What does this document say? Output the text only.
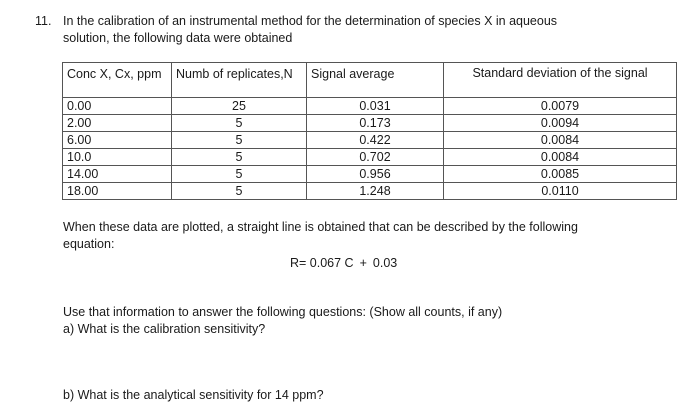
11. In the calibration of an instrumental method for the determination of species X in aqueous
solution, the following data were obtained
Conc X, Cx, ppm	Numb of replicates,N	Signal average	Standard deviation of the signal
0.00	25	0.031	0.0079
2.00	5	0.173	0.0094
6.00	5	0.422	0.0084
10.0	5	0.702	0.0084
14.00	5	0.956	0.0085
18.00	5	1.248	0.0110
When these data are plotted, a straight line is obtained that can be described by the following
equation:
R= 0.067 C + 0.03
Use that information to answer the following questions: (Show all counts, if any)
a) What is the calibration sensitivity?
b) What is the analytical sensitivity for 14 ppm?
